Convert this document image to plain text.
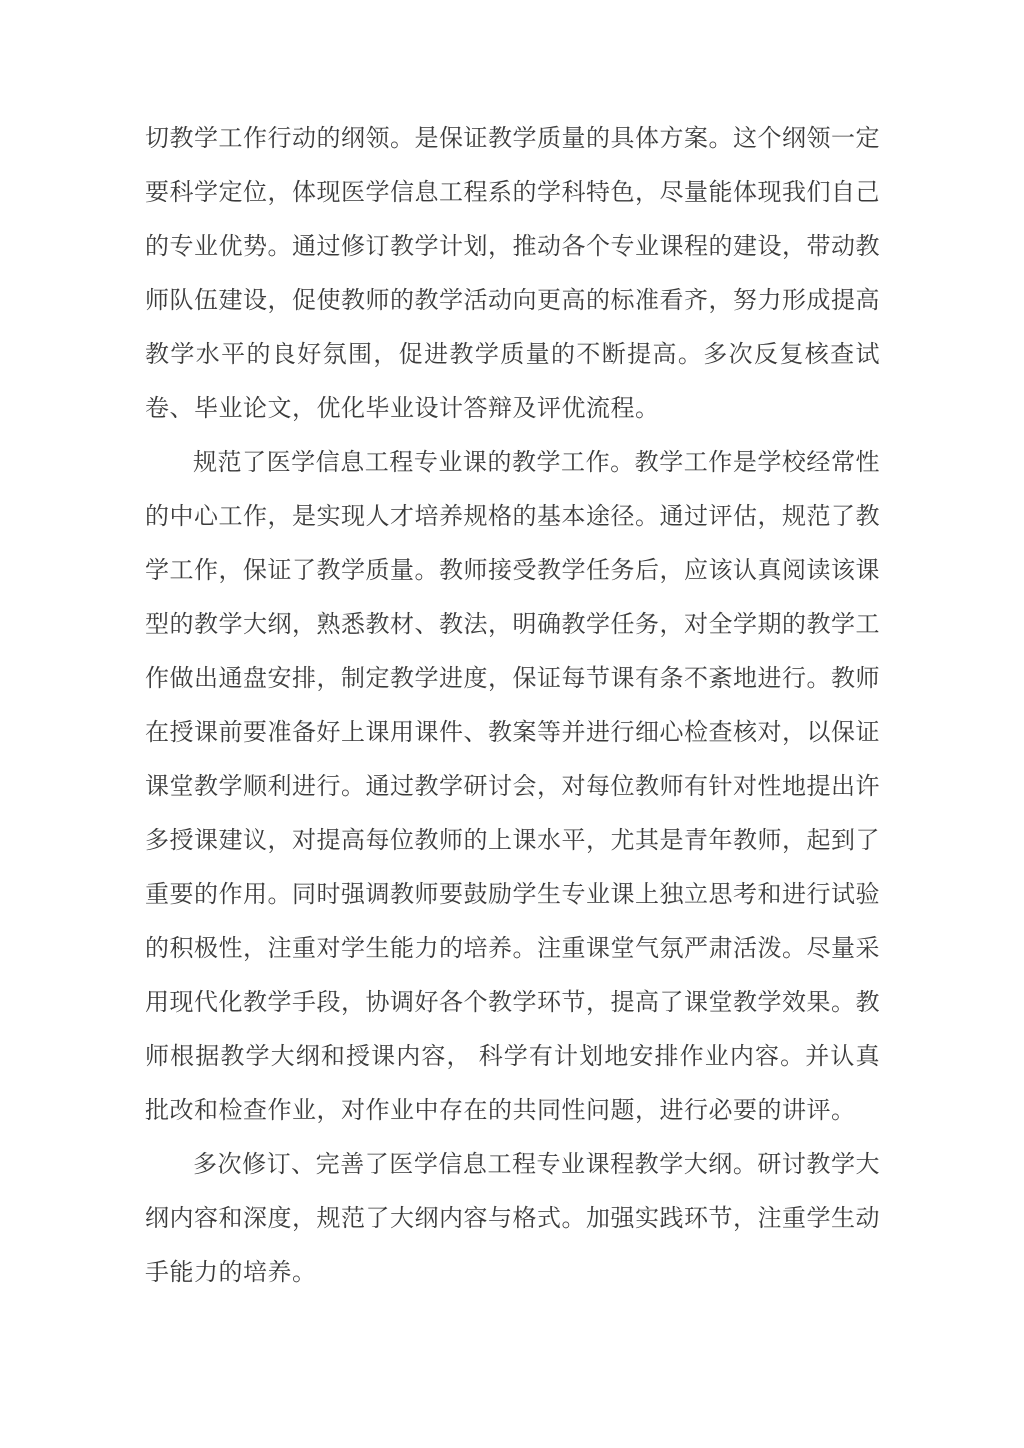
切教学工作行动的纲领。是保证教学质量的具体方案。这个纲领一定要科学定位，体现医学信息工程系的学科特色，尽量能体现我们自己的专业优势。通过修订教学计划，推动各个专业课程的建设，带动教师队伍建设，促使教师的教学活动向更高的标准看齐，努力形成提高教学水平的良好氛围，促进教学质量的不断提高。多次反复核查试卷、毕业论文，优化毕业设计答辩及评优流程。

规范了医学信息工程专业课的教学工作。教学工作是学校经常性的中心工作，是实现人才培养规格的基本途径。通过评估，规范了教学工作，保证了教学质量。教师接受教学任务后，应该认真阅读该课型的教学大纲，熟悉教材、教法，明确教学任务，对全学期的教学工作做出通盘安排，制定教学进度，保证每节课有条不紊地进行。教师在授课前要准备好上课用课件、教案等并进行细心检查核对，以保证课堂教学顺利进行。通过教学研讨会，对每位教师有针对性地提出许多授课建议，对提高每位教师的上课水平，尤其是青年教师，起到了重要的作用。同时强调教师要鼓励学生专业课上独立思考和进行试验的积极性，注重对学生能力的培养。注重课堂气氛严肃活泼。尽量采用现代化教学手段，协调好各个教学环节，提高了课堂教学效果。教师根据教学大纲和授课内容， 科学有计划地安排作业内容。并认真批改和检查作业，对作业中存在的共同性问题，进行必要的讲评。

多次修订、完善了医学信息工程专业课程教学大纲。研讨教学大纲内容和深度，规范了大纲内容与格式。加强实践环节，注重学生动手能力的培养。
